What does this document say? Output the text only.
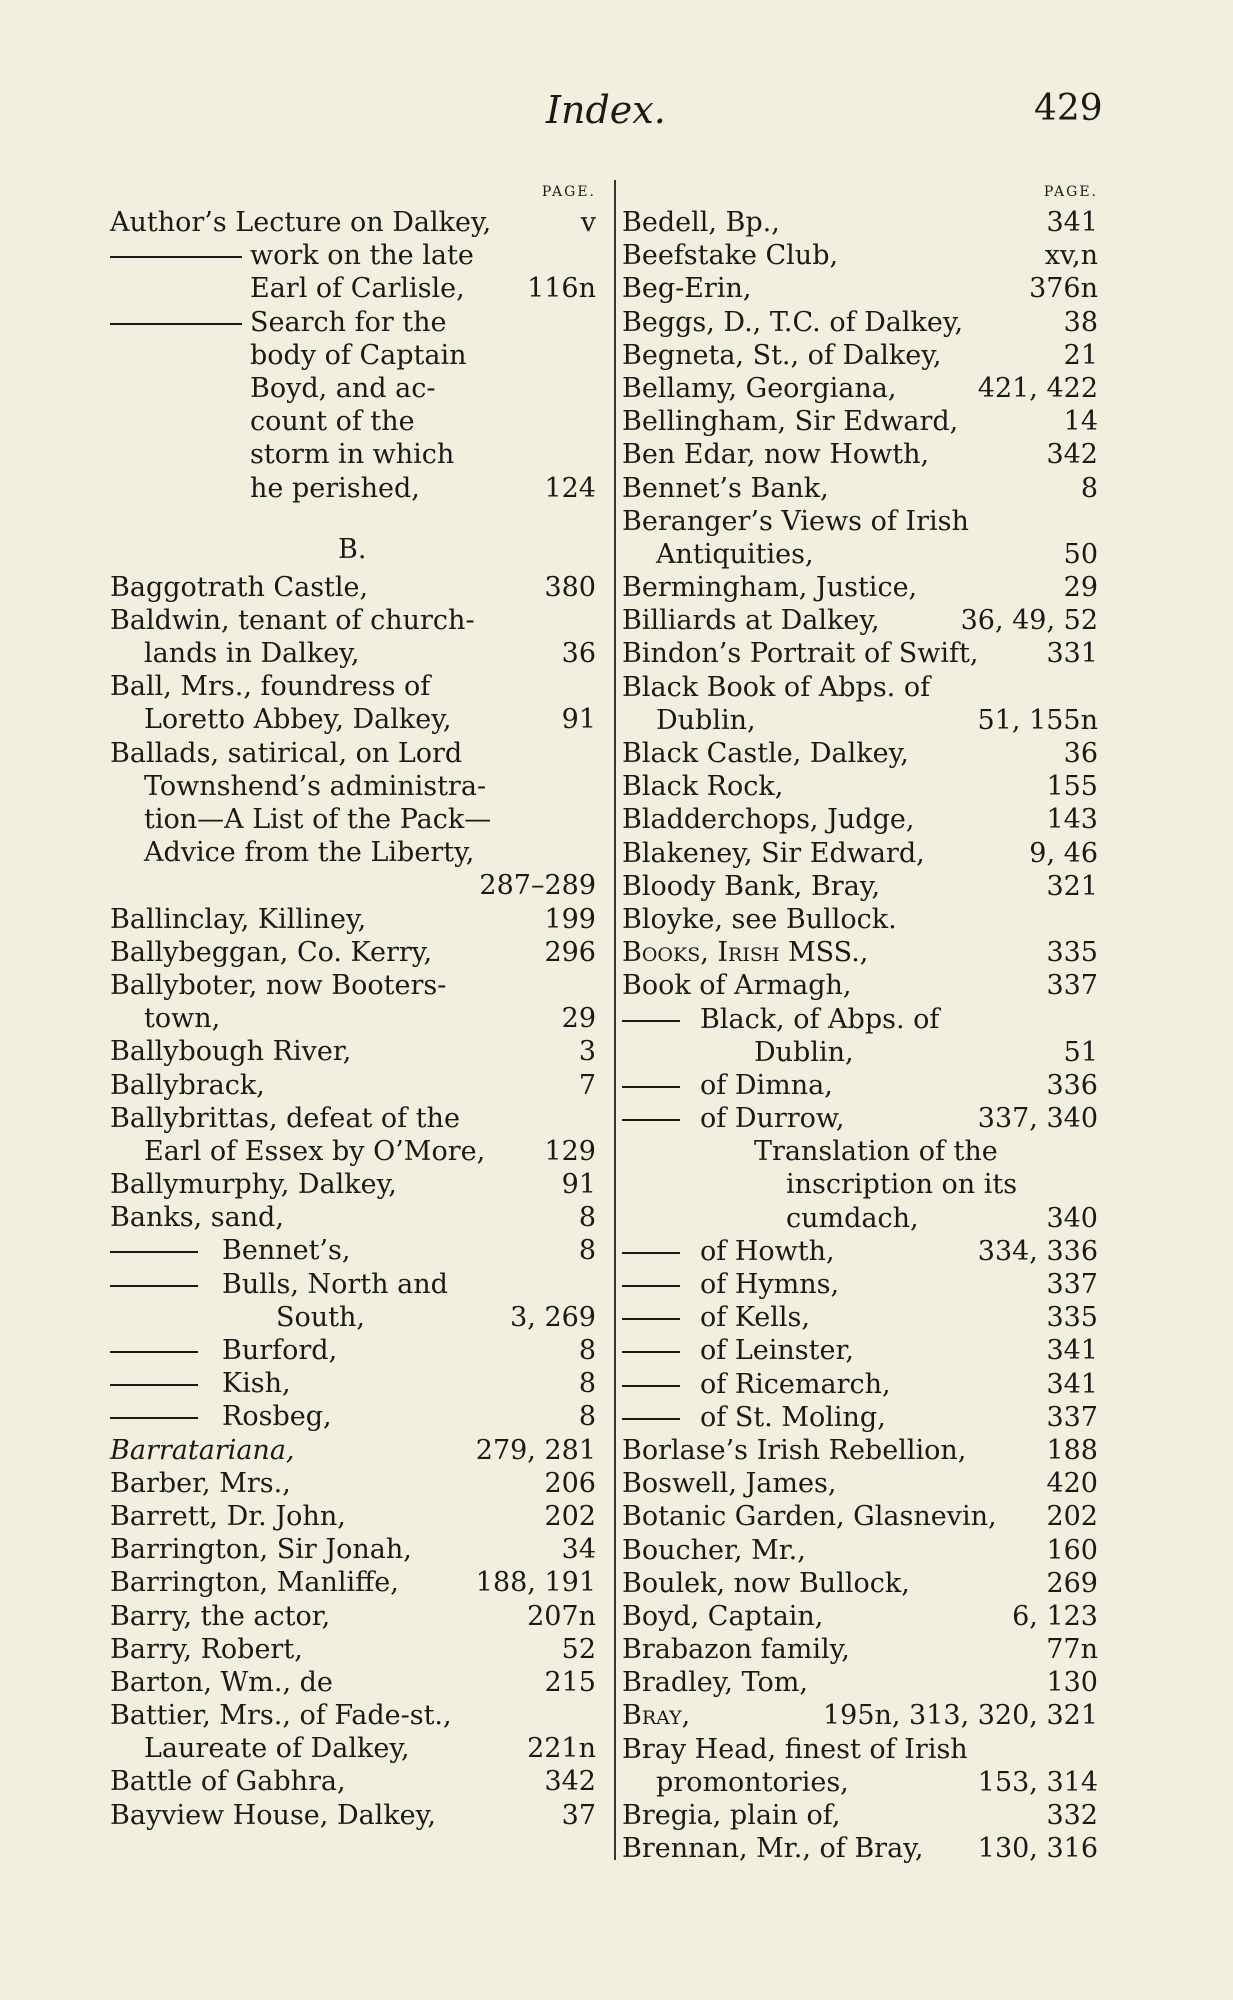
Index.	429
PAGE.
Author’s Lecture on Dalkey,	v
work on the late
Earl of Carlisle, 116n
Search for the
body of Captain
Boyd, and ac-
count of the
storm in which
he perished,	124
B.
Baggotrath Castle,	380
Baldwin, tenant of church-
lands in Dalkey,	36
Ball, Mrs., foundress of
Loretto Abbey, Dalkey,	91
Ballads, satirical, on Lord
Townshend’s administra-
tion—A List of the Pack—
Advice from the Liberty,
287–289
Ballinclay, Killiney,	199
Ballybeggan, Co. Kerry,	296
Ballyboter, now Booters-
town,	29
Ballybough River,	3
Ballybrack,	7
Ballybrittas, defeat of the
Earl of Essex by O’More, 129
Ballymurphy, Dalkey,	91
Banks, sand,	8
Bennet’s,	8
Bulls, North and
South,	3, 269
Burford,	8
Kish,	8
Rosbeg,	8
Barratariana,	279, 281
Barber, Mrs.,	206
Barrett, Dr. John,	202
Barrington, Sir Jonah,	34
Barrington, Manliffe,	188, 191
Barry, the actor,	207n
Barry, Robert,	52
Barton, Wm., de	215
Battier, Mrs., of Fade-st.,
Laureate of Dalkey,	221n
Battle of Gabhra,	342
Bayview House, Dalkey,	37
PAGE.
Bedell, Bp.,	341
Beefstake Club,	xv,n
Beg-Erin,	376n
Beggs, D., T.C. of Dalkey,	38
Begneta, St., of Dalkey,	21
Bellamy, Georgiana,	421, 422
Bellingham, Sir Edward,	14
Ben Edar, now Howth,	342
Bennet’s Bank,	8
Beranger’s Views of Irish
Antiquities,	50
Bermingham, Justice,	29
Billiards at Dalkey,	36, 49, 52
Bindon’s Portrait of Swift,	331
Black Book of Abps. of
Dublin,	51, 155n
Black Castle, Dalkey,	36
Black Rock,	155
Bladderchops, Judge,	143
Blakeney, Sir Edward,	9, 46
Bloody Bank, Bray,	321
Bloyke, see Bullock.
Books, Irish MSS.,	335
Book of Armagh,	337
Black, of Abps. of
Dublin,	51
of Dimna,	336
of Durrow,	337, 340
Translation of the
inscription on its
cumdach,	340
of Howth,	334, 336
of Hymns,	337
of Kells,	335
of Leinster,	341
of Ricemarch,	341
of St. Moling,	337
Borlase’s Irish Rebellion,	188
Boswell, James,	420
Botanic Garden, Glasnevin, 202
Boucher, Mr.,	160
Boulek, now Bullock,	269
Boyd, Captain,	6, 123
Brabazon family,	77n
Bradley, Tom,	130
Bray,	195n, 313, 320, 321
Bray Head, finest of Irish
promontories,	153, 314
Bregia, plain of,	332
Brennan, Mr., of Bray, 130, 316
